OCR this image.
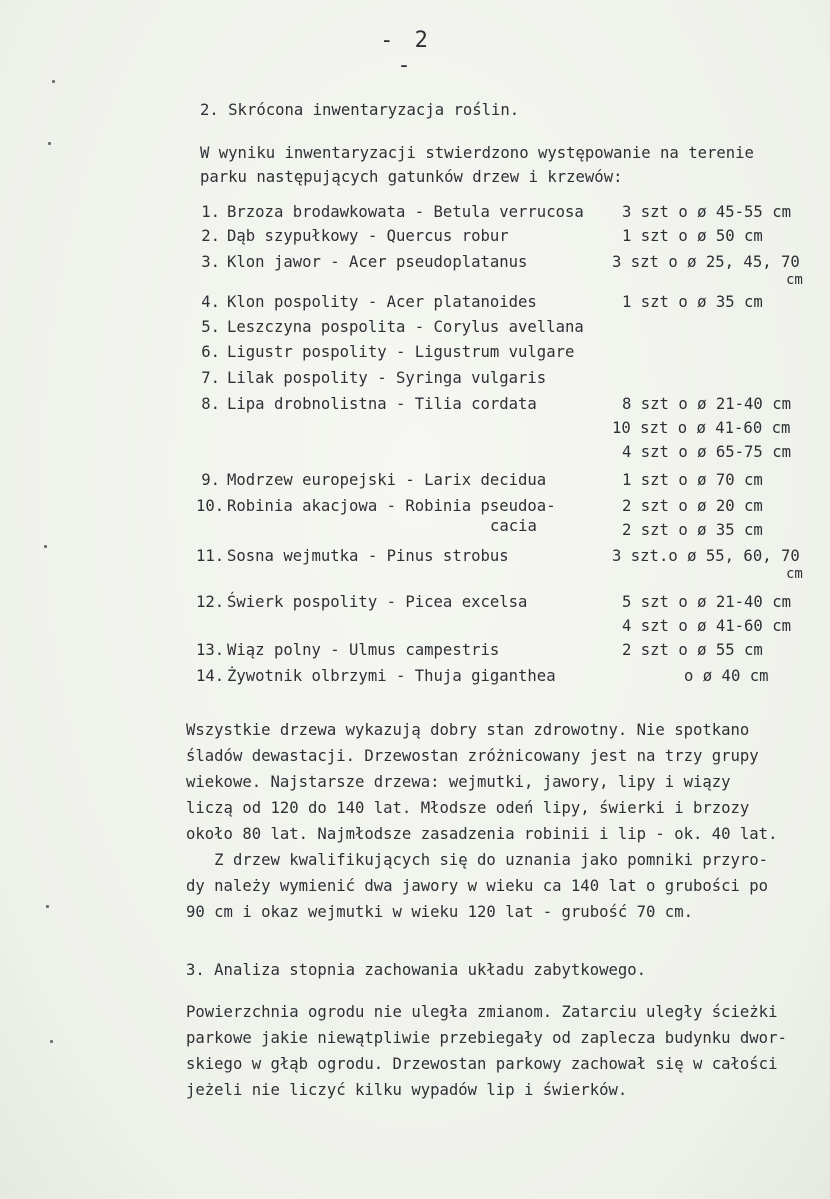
- 2 -
2. Skrócona inwentaryzacja roślin.
W wyniku inwentaryzacji stwierdzono występowanie na terenie
parku następujących gatunków drzew i krzewów:
1. Brzoza brodawkowata - Betula verrucosa 3 szt o ø 45-55 cm
2. Dąb szypułkowy - Quercus robur	1 szt o ø 50 cm
3. Klon jawor - Acer pseudoplatanus	3 szt o ø 25, 45, 70
cm
4. Klon pospolity - Acer platanoides	1 szt o ø 35 cm
5. Leszczyna pospolita - Corylus avellana
6. Ligustr pospolity - Ligustrum vulgare
7. Lilak pospolity - Syringa vulgaris
8. Lipa drobnolistna - Tilia cordata	8 szt o ø 21-40 cm
10 szt o ø 41-60 cm
4 szt o ø 65-75 cm
9. Modrzew europejski - Larix decidua	1 szt o ø 70 cm
10. Robinia akacjowa - Robinia pseudoa-
cacia
2 szt o ø 20 cm
2 szt o ø 35 cm
11. Sosna wejmutka - Pinus strobus	3 szt.o ø 55, 60, 70
cm
12. Świerk pospolity - Picea excelsa	5 szt o ø 21-40 cm
4 szt o ø 41-60 cm
13. Wiąz polny - Ulmus campestris	2 szt o ø 55 cm
14. Żywotnik olbrzymi - Thuja giganthea	o ø 40 cm
Wszystkie drzewa wykazują dobry stan zdrowotny. Nie spotkano
śladów dewastacji. Drzewostan zróżnicowany jest na trzy grupy
wiekowe. Najstarsze drzewa: wejmutki, jawory, lipy i wiązy
liczą od 120 do 140 lat. Młodsze odeń lipy, świerki i brzozy
około 80 lat. Najmłodsze zasadzenia robinii i lip - ok. 40 lat.
Z drzew kwalifikujących się do uznania jako pomniki przyro-
dy należy wymienić dwa jawory w wieku ca 140 lat o grubości po
90 cm i okaz wejmutki w wieku 120 lat - grubość 70 cm.
3. Analiza stopnia zachowania układu zabytkowego.
Powierzchnia ogrodu nie uległa zmianom. Zatarciu uległy ścieżki
parkowe jakie niewątpliwie przebiegały od zaplecza budynku dwor-
skiego w głąb ogrodu. Drzewostan parkowy zachował się w całości
jeżeli nie liczyć kilku wypadów lip i świerków.
